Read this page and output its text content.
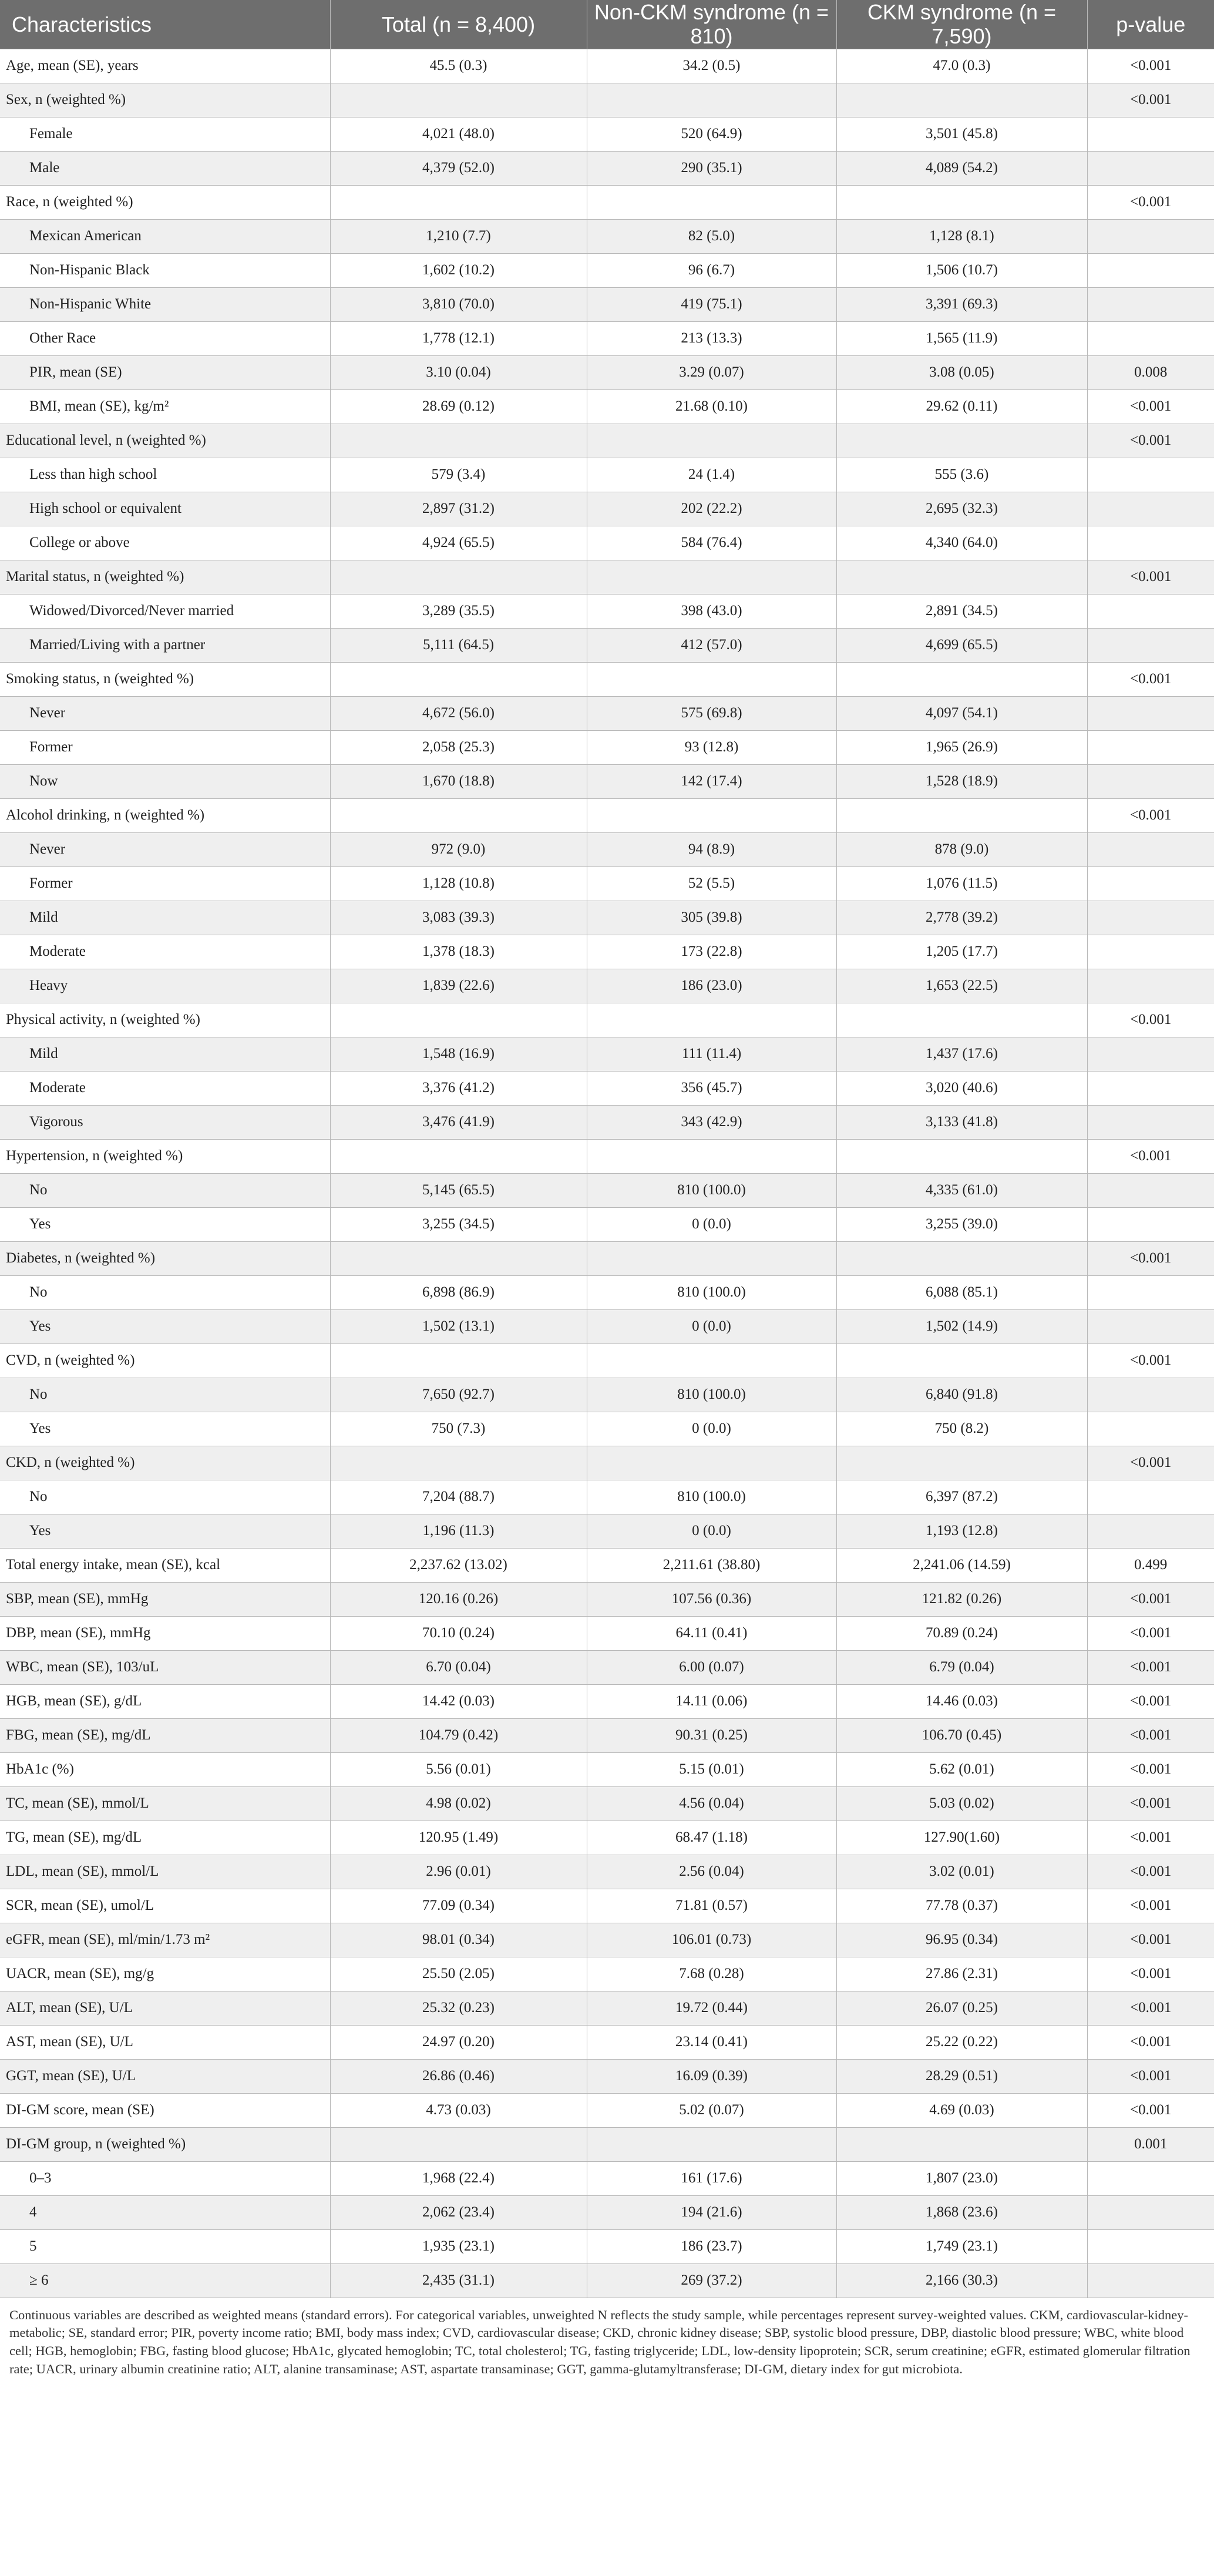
Characteristics	Total (n = 8,400)	Non-CKM syndrome (n = 810)	CKM syndrome (n = 7,590)	p-value
Age, mean (SE), years	45.5 (0.3)	34.2 (0.5)	47.0 (0.3)	<0.001
Sex, n (weighted %)				<0.001
Female	4,021 (48.0)	520 (64.9)	3,501 (45.8)	
Male	4,379 (52.0)	290 (35.1)	4,089 (54.2)	
Race, n (weighted %)				<0.001
Mexican American	1,210 (7.7)	82 (5.0)	1,128 (8.1)	
Non-Hispanic Black	1,602 (10.2)	96 (6.7)	1,506 (10.7)	
Non-Hispanic White	3,810 (70.0)	419 (75.1)	3,391 (69.3)	
Other Race	1,778 (12.1)	213 (13.3)	1,565 (11.9)	
PIR, mean (SE)	3.10 (0.04)	3.29 (0.07)	3.08 (0.05)	0.008
BMI, mean (SE), kg/m²	28.69 (0.12)	21.68 (0.10)	29.62 (0.11)	<0.001
Educational level, n (weighted %)				<0.001
Less than high school	579 (3.4)	24 (1.4)	555 (3.6)	
High school or equivalent	2,897 (31.2)	202 (22.2)	2,695 (32.3)	
College or above	4,924 (65.5)	584 (76.4)	4,340 (64.0)	
Marital status, n (weighted %)				<0.001
Widowed/Divorced/Never married	3,289 (35.5)	398 (43.0)	2,891 (34.5)	
Married/Living with a partner	5,111 (64.5)	412 (57.0)	4,699 (65.5)	
Smoking status, n (weighted %)				<0.001
Never	4,672 (56.0)	575 (69.8)	4,097 (54.1)	
Former	2,058 (25.3)	93 (12.8)	1,965 (26.9)	
Now	1,670 (18.8)	142 (17.4)	1,528 (18.9)	
Alcohol drinking, n (weighted %)				<0.001
Never	972 (9.0)	94 (8.9)	878 (9.0)	
Former	1,128 (10.8)	52 (5.5)	1,076 (11.5)	
Mild	3,083 (39.3)	305 (39.8)	2,778 (39.2)	
Moderate	1,378 (18.3)	173 (22.8)	1,205 (17.7)	
Heavy	1,839 (22.6)	186 (23.0)	1,653 (22.5)	
Physical activity, n (weighted %)				<0.001
Mild	1,548 (16.9)	111 (11.4)	1,437 (17.6)	
Moderate	3,376 (41.2)	356 (45.7)	3,020 (40.6)	
Vigorous	3,476 (41.9)	343 (42.9)	3,133 (41.8)	
Hypertension, n (weighted %)				<0.001
No	5,145 (65.5)	810 (100.0)	4,335 (61.0)	
Yes	3,255 (34.5)	0 (0.0)	3,255 (39.0)	
Diabetes, n (weighted %)				<0.001
No	6,898 (86.9)	810 (100.0)	6,088 (85.1)	
Yes	1,502 (13.1)	0 (0.0)	1,502 (14.9)	
CVD, n (weighted %)				<0.001
No	7,650 (92.7)	810 (100.0)	6,840 (91.8)	
Yes	750 (7.3)	0 (0.0)	750 (8.2)	
CKD, n (weighted %)				<0.001
No	7,204 (88.7)	810 (100.0)	6,397 (87.2)	
Yes	1,196 (11.3)	0 (0.0)	1,193 (12.8)	
Total energy intake, mean (SE), kcal	2,237.62 (13.02)	2,211.61 (38.80)	2,241.06 (14.59)	0.499
SBP, mean (SE), mmHg	120.16 (0.26)	107.56 (0.36)	121.82 (0.26)	<0.001
DBP, mean (SE), mmHg	70.10 (0.24)	64.11 (0.41)	70.89 (0.24)	<0.001
WBC, mean (SE), 103/uL	6.70 (0.04)	6.00 (0.07)	6.79 (0.04)	<0.001
HGB, mean (SE), g/dL	14.42 (0.03)	14.11 (0.06)	14.46 (0.03)	<0.001
FBG, mean (SE), mg/dL	104.79 (0.42)	90.31 (0.25)	106.70 (0.45)	<0.001
HbA1c (%)	5.56 (0.01)	5.15 (0.01)	5.62 (0.01)	<0.001
TC, mean (SE), mmol/L	4.98 (0.02)	4.56 (0.04)	5.03 (0.02)	<0.001
TG, mean (SE), mg/dL	120.95 (1.49)	68.47 (1.18)	127.90(1.60)	<0.001
LDL, mean (SE), mmol/L	2.96 (0.01)	2.56 (0.04)	3.02 (0.01)	<0.001
SCR, mean (SE), umol/L	77.09 (0.34)	71.81 (0.57)	77.78 (0.37)	<0.001
eGFR, mean (SE), ml/min/1.73 m²	98.01 (0.34)	106.01 (0.73)	96.95 (0.34)	<0.001
UACR, mean (SE), mg/g	25.50 (2.05)	7.68 (0.28)	27.86 (2.31)	<0.001
ALT, mean (SE), U/L	25.32 (0.23)	19.72 (0.44)	26.07 (0.25)	<0.001
AST, mean (SE), U/L	24.97 (0.20)	23.14 (0.41)	25.22 (0.22)	<0.001
GGT, mean (SE), U/L	26.86 (0.46)	16.09 (0.39)	28.29 (0.51)	<0.001
DI-GM score, mean (SE)	4.73 (0.03)	5.02 (0.07)	4.69 (0.03)	<0.001
DI-GM group, n (weighted %)				0.001
0–3	1,968 (22.4)	161 (17.6)	1,807 (23.0)	
4	2,062 (23.4)	194 (21.6)	1,868 (23.6)	
5	1,935 (23.1)	186 (23.7)	1,749 (23.1)	
≥ 6	2,435 (31.1)	269 (37.2)	2,166 (30.3)	
Continuous variables are described as weighted means (standard errors). For categorical variables, unweighted N reflects the study sample, while percentages represent survey-weighted values. CKM, cardiovascular-kidney-metabolic; SE, standard error; PIR, poverty income ratio; BMI, body mass index; CVD, cardiovascular disease; CKD, chronic kidney disease; SBP, systolic blood pressure, DBP, diastolic blood pressure; WBC, white blood cell; HGB, hemoglobin; FBG, fasting blood glucose; HbA1c, glycated hemoglobin; TC, total cholesterol; TG, fasting triglyceride; LDL, low-density lipoprotein; SCR, serum creatinine; eGFR, estimated glomerular filtration rate; UACR, urinary albumin creatinine ratio; ALT, alanine transaminase; AST, aspartate transaminase; GGT, gamma-glutamyltransferase; DI-GM, dietary index for gut microbiota.
